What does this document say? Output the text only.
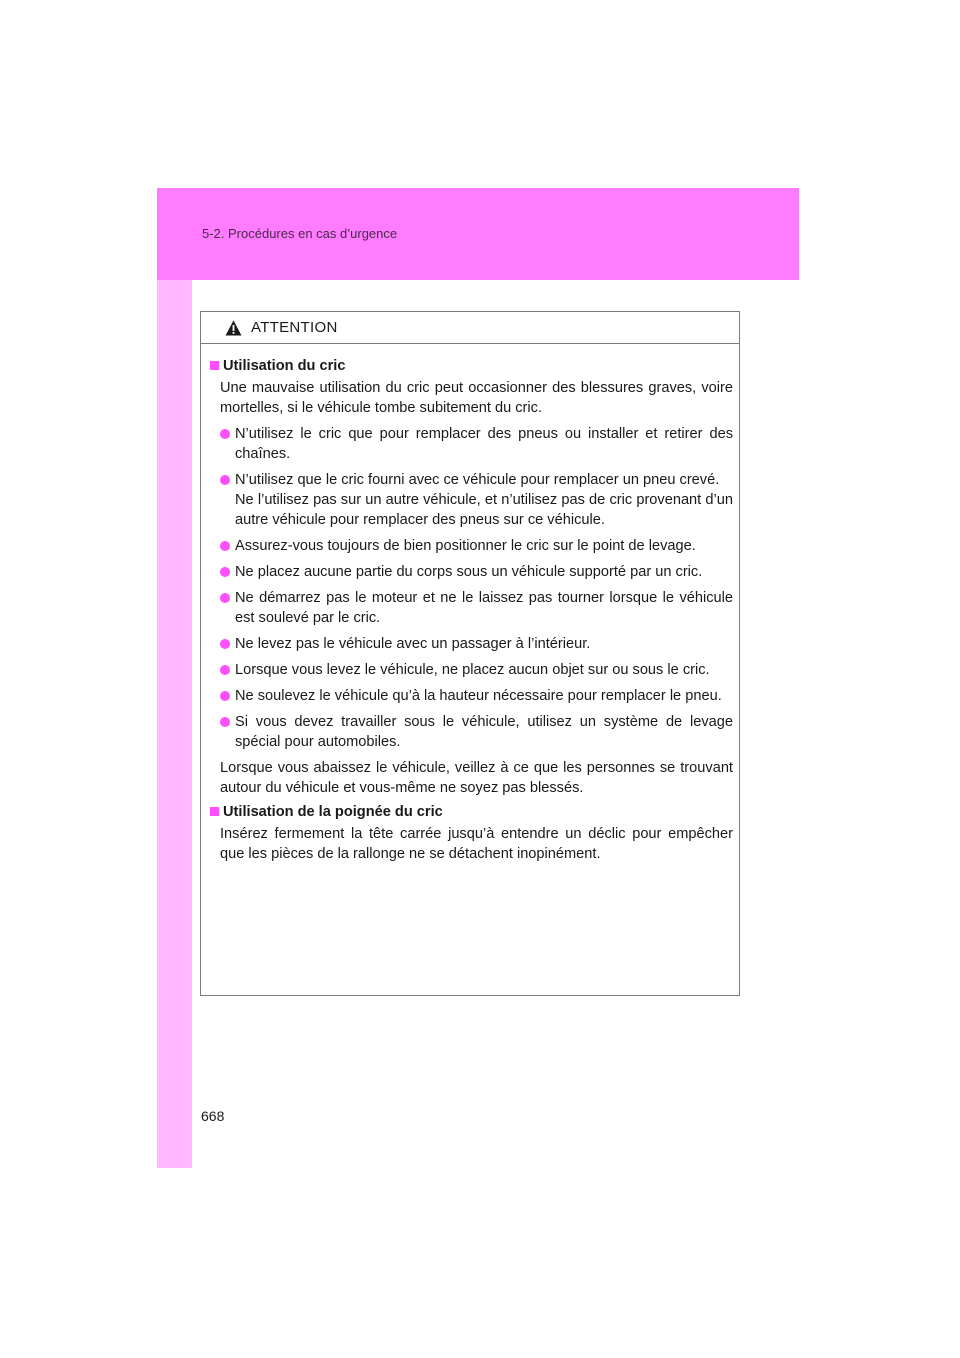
5-2. Procédures en cas d’urgence
ATTENTION
Utilisation du cric
Une mauvaise utilisation du cric peut occasionner des blessures graves, voire mortelles, si le véhicule tombe subitement du cric.
N’utilisez le cric que pour remplacer des pneus ou installer et retirer des chaînes.
N’utilisez que le cric fourni avec ce véhicule pour remplacer un pneu crevé.
Ne l’utilisez pas sur un autre véhicule, et n’utilisez pas de cric provenant d’un autre véhicule pour remplacer des pneus sur ce véhicule.
Assurez-vous toujours de bien positionner le cric sur le point de levage.
Ne placez aucune partie du corps sous un véhicule supporté par un cric.
Ne démarrez pas le moteur et ne le laissez pas tourner lorsque le véhicule est soulevé par le cric.
Ne levez pas le véhicule avec un passager à l’intérieur.
Lorsque vous levez le véhicule, ne placez aucun objet sur ou sous le cric.
Ne soulevez le véhicule qu’à la hauteur nécessaire pour remplacer le pneu.
Si vous devez travailler sous le véhicule, utilisez un système de levage spécial pour automobiles.
Lorsque vous abaissez le véhicule, veillez à ce que les personnes se trouvant autour du véhicule et vous-même ne soyez pas blessés.
Utilisation de la poignée du cric
Insérez fermement la tête carrée jusqu’à entendre un déclic pour empêcher que les pièces de la rallonge ne se détachent inopinément.
668
